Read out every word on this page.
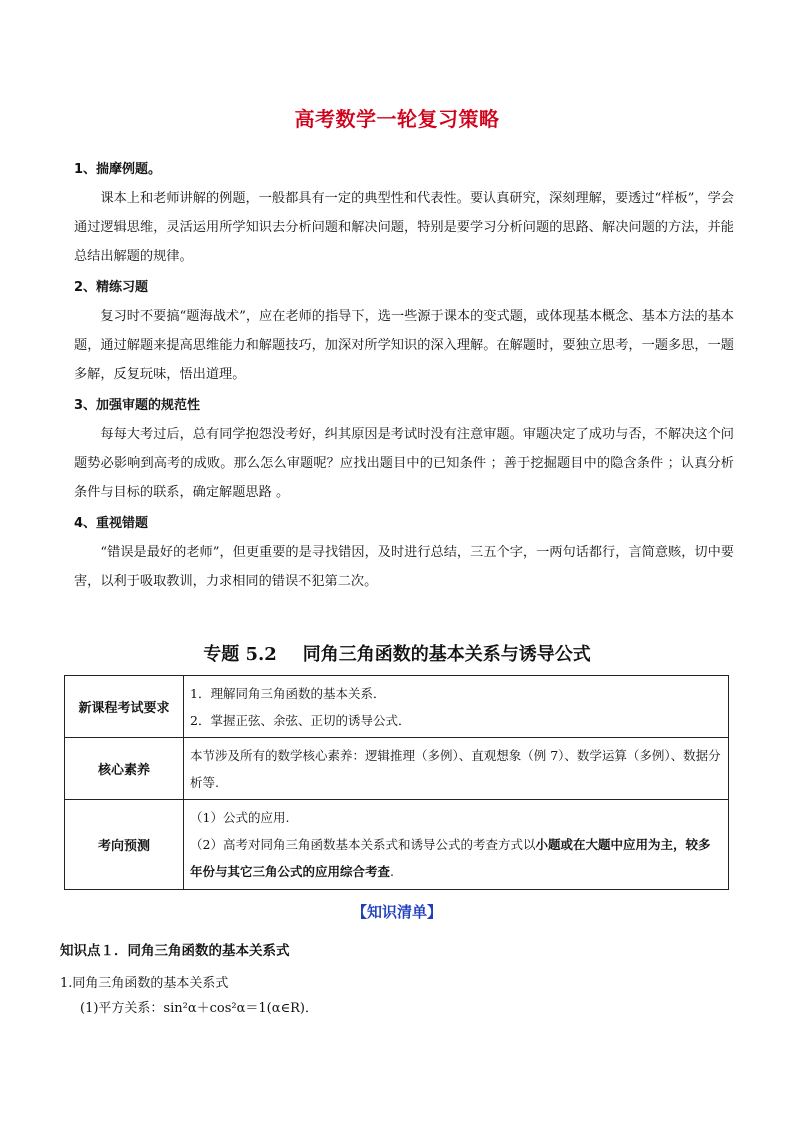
高考数学一轮复习策略

1、揣摩例题。

课本上和老师讲解的例题，一般都具有一定的典型性和代表性。要认真研究，深刻理解，要透过“样板”，学会通过逻辑思维，灵活运用所学知识去分析问题和解决问题，特别是要学习分析问题的思路、解决问题的方法，并能总结出解题的规律。

2、精练习题

复习时不要搞“题海战术”，应在老师的指导下，选一些源于课本的变式题，或体现基本概念、基本方法的基本题，通过解题来提高思维能力和解题技巧，加深对所学知识的深入理解。在解题时，要独立思考，一题多思，一题多解，反复玩味，悟出道理。

3、加强审题的规范性

每每大考过后，总有同学抱怨没考好，纠其原因是考试时没有注意审题。审题决定了成功与否，不解决这个问题势必影响到高考的成败。那么怎么审题呢？应找出题目中的已知条件 ；善于挖掘题目中的隐含条件 ；认真分析条件与目标的联系，确定解题思路 。

4、重视错题

“错误是最好的老师”，但更重要的是寻找错因，及时进行总结，三五个字，一两句话都行，言简意赅，切中要害，以利于吸取教训，力求相同的错误不犯第二次。

专题 5.2 同角三角函数的基本关系与诱导公式
新课程考试要求	1．理解同角三角函数的基本关系．
2．掌握正弦、余弦、正切的诱导公式．

核心素养	本节涉及所有的数学核心素养：逻辑推理（多例）、直观想象（例 7）、数学运算（多例）、数据分析等.
考向预测	（1）公式的应用.
（2）高考对同角三角函数基本关系式和诱导公式的考查方式以小题或在大题中应用为主，较多年份与其它三角公式的应用综合考查.
【知识清单】
知识点１．同角三角函数的基本关系式
1.同角三角函数的基本关系式
(1)平方关系：sin²α＋cos²α＝1(α∈R)．
